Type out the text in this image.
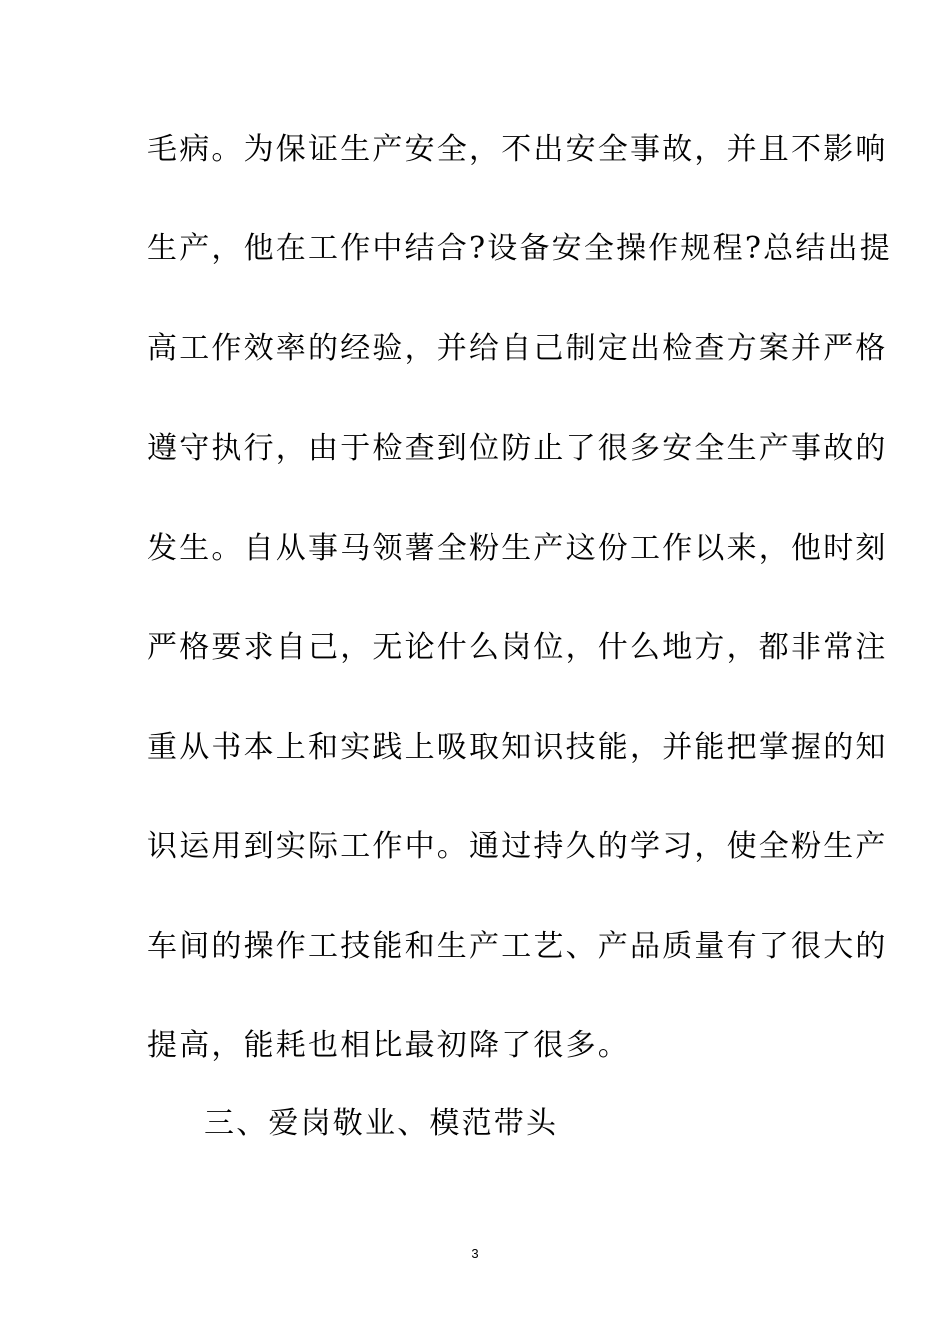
毛病。为保证生产安全，不出安全事故，并且不影响
生产，他在工作中结合?设备安全操作规程?总结出提
高工作效率的经验，并给自己制定出检查方案并严格
遵守执行，由于检查到位防止了很多安全生产事故的
发生。自从事马领薯全粉生产这份工作以来，他时刻
严格要求自己，无论什么岗位，什么地方，都非常注
重从书本上和实践上吸取知识技能，并能把掌握的知
识运用到实际工作中。通过持久的学习，使全粉生产
车间的操作工技能和生产工艺、产品质量有了很大的
提高，能耗也相比最初降了很多。
三、爱岗敬业、模范带头
3
